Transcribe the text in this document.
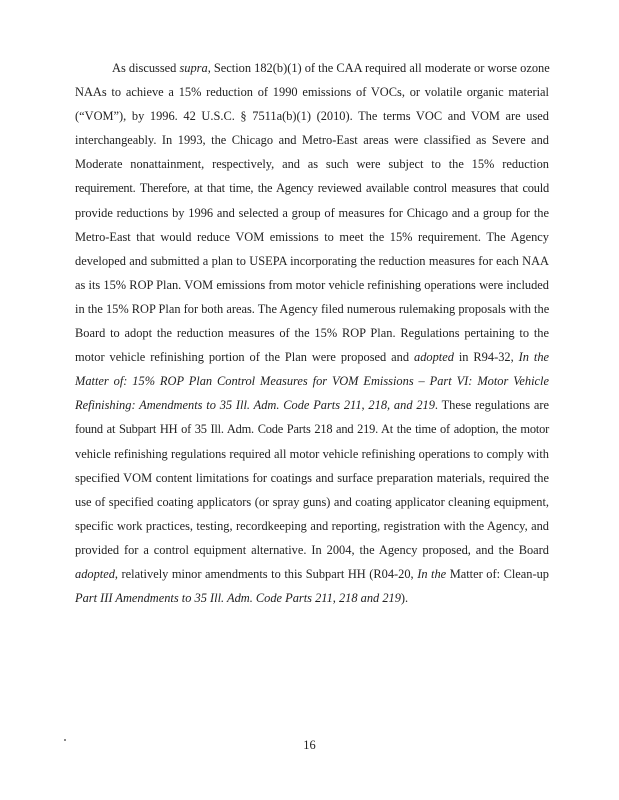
As discussed supra, Section 182(b)(1) of the CAA required all moderate or worse ozone
NAAs to achieve a 15% reduction of 1990 emissions of VOCs, or volatile organic material
(“VOM”), by 1996. 42 U.S.C. § 7511a(b)(1) (2010). The terms VOC and VOM are used
interchangeably. In 1993, the Chicago and Metro-East areas were classified as Severe and
Moderate nonattainment, respectively, and as such were subject to the 15% reduction
requirement. Therefore, at that time, the Agency reviewed available control measures that could
provide reductions by 1996 and selected a group of measures for Chicago and a group for the
Metro-East that would reduce VOM emissions to meet the 15% requirement. The Agency
developed and submitted a plan to USEPA incorporating the reduction measures for each NAA
as its 15% ROP Plan. VOM emissions from motor vehicle refinishing operations were included
in the 15% ROP Plan for both areas. The Agency filed numerous rulemaking proposals with the
Board to adopt the reduction measures of the 15% ROP Plan. Regulations pertaining to the
motor vehicle refinishing portion of the Plan were proposed and adopted in R94-32, In the
Matter of: 15% ROP Plan Control Measures for VOM Emissions – Part VI: Motor Vehicle
Refinishing: Amendments to 35 Ill. Adm. Code Parts 211, 218, and 219. These regulations are
found at Subpart HH of 35 Ill. Adm. Code Parts 218 and 219. At the time of adoption, the motor
vehicle refinishing regulations required all motor vehicle refinishing operations to comply with
specified VOM content limitations for coatings and surface preparation materials, required the
use of specified coating applicators (or spray guns) and coating applicator cleaning equipment,
specific work practices, testing, recordkeeping and reporting, registration with the Agency, and
provided for a control equipment alternative. In 2004, the Agency proposed, and the Board
adopted, relatively minor amendments to this Subpart HH (R04-20, In the Matter of: Clean-up
Part III Amendments to 35 Ill. Adm. Code Parts 211, 218 and 219).
16
